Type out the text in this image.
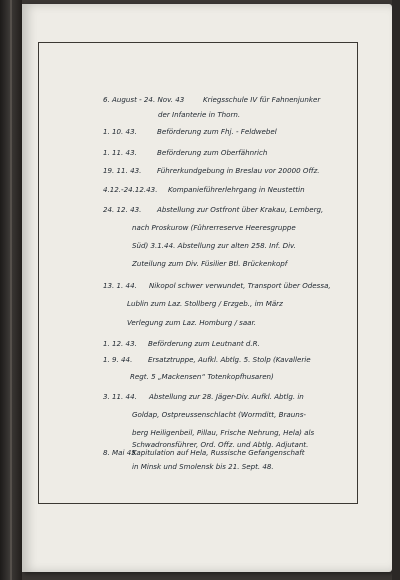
6. August - 24. Nov. 43	Kriegsschule IV für Fahnenjunker
der Infanterie in Thorn.
1. 10. 43.	Beförderung zum Fhj. - Feldwebel
1. 11. 43.	Beförderung zum Oberfähnrich
19. 11. 43. Führerkundgebung in Breslau vor 20000 Offz.
4.12.-24.12.43. Kompanieführerlehrgang in Neustettin
24. 12. 43. Abstellung zur Ostfront über Krakau, Lemberg,
nach Proskurow (Führerreserve Heeresgruppe
Süd) 3.1.44. Abstellung zur alten 258. Inf. Div.
Zuteilung zum Div. Füsilier Btl. Brückenkopf
13. 1. 44. Nikopol schwer verwundet, Transport über Odessa,
Lublin zum Laz. Stollberg / Erzgeb., im März
Verlegung zum Laz. Homburg / saar.
1. 12. 43. Beförderung zum Leutnant d.R.
1. 9. 44. Ersatztruppe, Aufkl. Abtlg. 5. Stolp (Kavallerie
Regt. 5 „Mackensen“ Totenkopfhusaren)
3. 11. 44. Abstellung zur 28. Jäger-Div. Aufkl. Abtlg. in
Goldap, Ostpreussenschlacht (Wormditt, Brauns-
berg Heiligenbeil, Pillau, Frische Nehrung, Hela) als
Schwadronsführer, Ord. Offz. und Abtlg. Adjutant.
8. Mai 45
Kapitulation auf Hela, Russische Gefangenschaft
in Minsk und Smolensk bis 21. Sept. 48.
